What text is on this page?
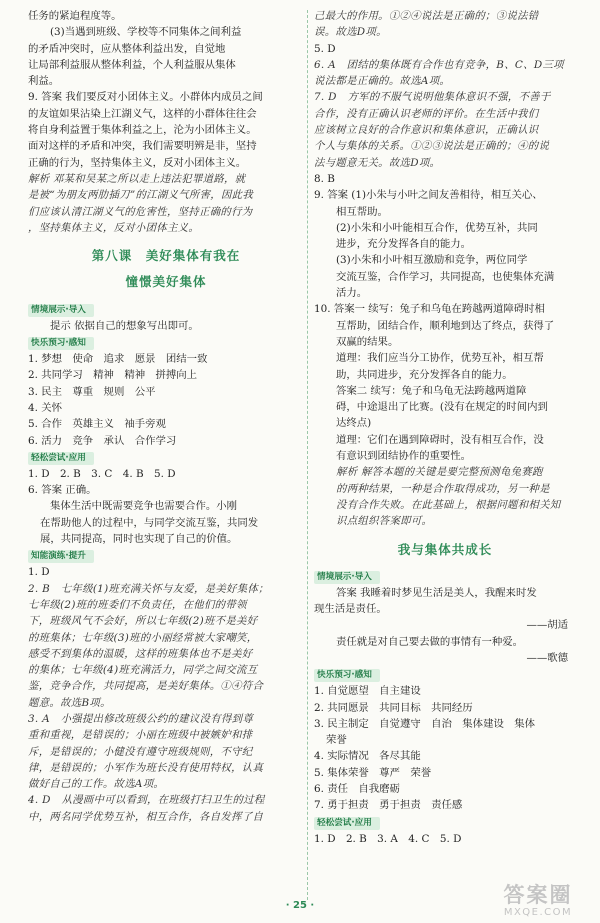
任务的紧迫程度等。
(3)当遇到班级、学校等不同集体之间利益
的矛盾冲突时，应从整体利益出发，自觉地
让局部利益服从整体利益，个人利益服从集体
利益。
9. 答案 我们要反对小团体主义。小群体内成员之间
的友谊如果沾染上江湖义气，这样的小群体往往会
将自身利益置于集体利益之上，沦为小团体主义。
面对这样的矛盾和冲突，我们需要明辨是非，坚持
正确的行为，坚持集体主义，反对小团体主义。
解析 邓某和吴某之所以走上违法犯罪道路，就
是被“为朋友两肋插刀”的江湖义气所害，因此我
们应该认清江湖义气的危害性，坚持正确的行为
，坚持集体主义，反对小团体主义。
第八课　美好集体有我在
憧憬美好集体
情境展示·导入
提示 依据自己的想象写出即可。
快乐预习·感知
1. 梦想　使命　追求　愿景　团结一致
2. 共同学习　精神　精神　拼搏向上
3. 民主　尊重　规则　公平
4. 关怀
5. 合作　英雄主义　袖手旁观
6. 活力　竞争　承认　合作学习
轻松尝试·应用
1. D　2. B　3. C　4. B　5. D
6. 答案 正确。
集体生活中既需要竞争也需要合作。小刚
在帮助他人的过程中，与同学交流互鉴，共同发
展，共同提高，同时也实现了自己的价值。
知能演练·提升
1. D
2. B　七年级(1)班充满关怀与友爱，是美好集体；
七年级(2)班的班委们不负责任，在他们的带领
下，班级风气不会好，所以七年级(2)班不是美好
的班集体；七年级(3)班的小丽经常被大家嘲笑，
感受不到集体的温暖，这样的班集体也不是美好
的集体；七年级(4)班充满活力，同学之间交流互
鉴，竞争合作，共同提高，是美好集体。①④符合
题意。故选B项。
3. A　小强提出修改班级公约的建议没有得到尊
重和重视，是错误的；小丽在班级中被嫉妒和排
斥，是错误的；小健没有遵守班级规则，不守纪
律，是错误的；小军作为班长没有使用特权，认真
做好自己的工作。故选A项。
4. D　从漫画中可以看到，在班级打扫卫生的过程
中，两名同学优势互补，相互合作，各自发挥了自
己最大的作用。①②④说法是正确的；③说法错
误。故选D项。
5. D
6. A　团结的集体既有合作也有竞争，B、C、D三项
说法都是正确的。故选A项。
7. D　方军的不服气说明他集体意识不强，不善于
合作，没有正确认识老师的评价。在生活中我们
应该树立良好的合作意识和集体意识，正确认识
个人与集体的关系。①②③说法是正确的；④的说
法与题意无关。故选D项。
8. B
9. 答案 (1)小朱与小叶之间友善相待，相互关心、
相互帮助。
(2)小朱和小叶能相互合作，优势互补，共同
进步，充分发挥各自的能力。
(3)小朱和小叶相互激励和竞争，两位同学
交流互鉴，合作学习，共同提高，也使集体充满
活力。
10. 答案一 续写：兔子和乌龟在跨越两道障碍时相
互帮助，团结合作，顺利地到达了终点，获得了
双赢的结果。
道理：我们应当分工协作，优势互补，相互帮
助，共同进步，充分发挥各自的能力。
答案二 续写：兔子和乌龟无法跨越两道障
碍，中途退出了比赛。(没有在规定的时间内到
达终点)
道理：它们在遇到障碍时，没有相互合作，没
有意识到团结协作的重要性。
解析 解答本题的关键是要完整预测龟兔赛跑
的两种结果，一种是合作取得成功，另一种是
没有合作失败。在此基础上，根据问题和相关知
识点组织答案即可。
我与集体共成长
情境展示·导入
答案 我睡着时梦见生活是美人，我醒来时发
现生活是责任。
——胡适
责任就是对自己要去做的事情有一种爱。
——歌德
快乐预习·感知
1. 自觉愿望　自主建设
2. 共同愿景　共同目标　共同经历
3. 民主制定　自觉遵守　自治　集体建设　集体
荣誉
4. 实际情况　各尽其能
5. 集体荣誉　尊严　荣誉
6. 责任　自我磨砺
7. 勇于担责　勇于担责　责任感
轻松尝试·应用
1. D　2. B　3. A　4. C　5. D
· 25 ·	答案圈
MXQE.COM
